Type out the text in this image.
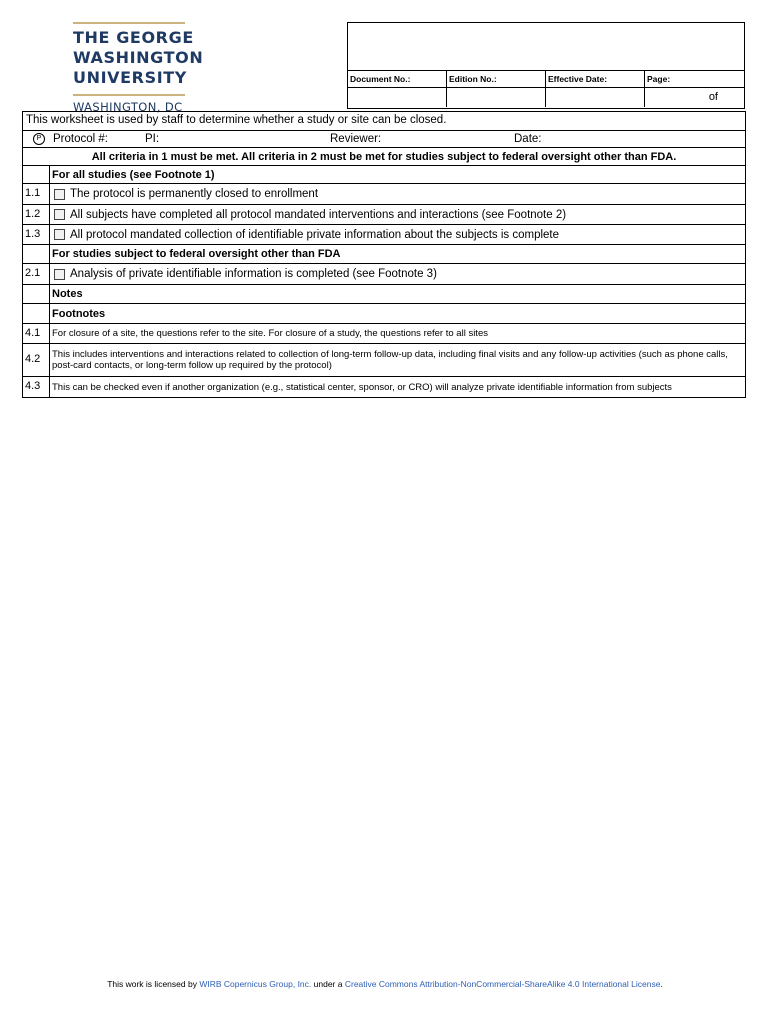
THE GEORGE
WASHINGTON
UNIVERSITY
WASHINGTON, DC
Document No.:	Edition No.:	Effective Date:	Page:
of
This worksheet is used by staff to determine whether a study or site can be closed.
P	Protocol #:	PI:	Reviewer:	Date:
All criteria in 1 must be met. All criteria in 2 must be met for studies subject to federal oversight other than FDA.
For all studies (see Footnote 1)
1.1	The protocol is permanently closed to enrollment
1.2	All subjects have completed all protocol mandated interventions and interactions (see Footnote 2)
1.3	All protocol mandated collection of identifiable private information about the subjects is complete
For studies subject to federal oversight other than FDA
2.1	Analysis of private identifiable information is completed (see Footnote 3)
Notes
Footnotes
4.1	For closure of a site, the questions refer to the site. For closure of a study, the questions refer to all sites
4.2	This includes interventions and interactions related to collection of long-term follow-up data, including final visits and any follow-up activities (such as phone calls, post-card contacts, or long-term follow up required by the protocol)
4.3	This can be checked even if another organization (e.g., statistical center, sponsor, or CRO) will analyze private identifiable information from subjects
This work is licensed by WIRB Copernicus Group, Inc. under a Creative Commons Attribution-NonCommercial-ShareAlike 4.0 International License.
